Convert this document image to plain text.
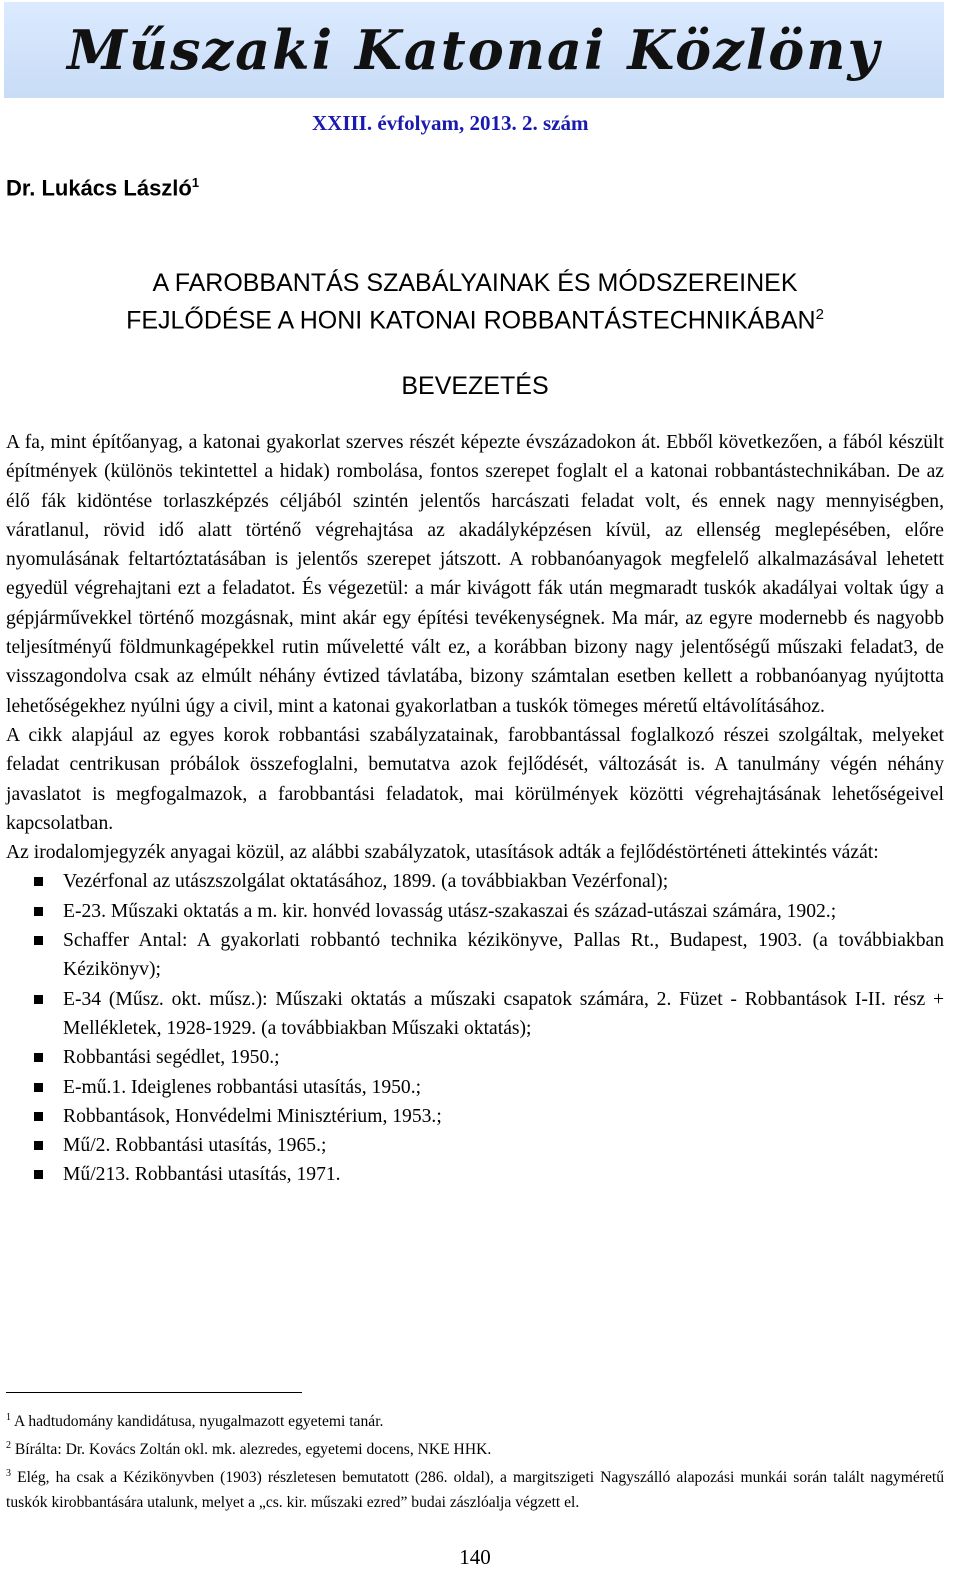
Műszaki Katonai Közlöny
XXIII. évfolyam, 2013. 2. szám
Dr. Lukács László$^1$
A FAROBBANTÁS SZABÁLYAINAK ÉS MÓDSZEREINEK
FEJLŐDÉSE A HONI KATONAI ROBBANTÁSTECHNIKÁBAN$^2$
BEVEZETÉS

A fa, mint építőanyag, a katonai gyakorlat szerves részét képezte évszázadokon át. Ebből következően, a fából készült építmények (különös tekintettel a hidak) rombolása, fontos szerepet foglalt el a katonai robbantástechnikában. De az élő fák kidöntése torlaszképzés céljából szintén jelentős harcászati feladat volt, és ennek nagy mennyiségben, váratlanul, rövid idő alatt történő végrehajtása az akadályképzésen kívül, az ellenség meglepésében, előre nyomulásának feltartóztatásában is jelentős szerepet játszott. A robbanóanyagok megfelelő alkalmazásával lehetett egyedül végrehajtani ezt a feladatot. És végezetül: a már kivágott fák után megmaradt tuskók akadályai voltak úgy a gépjárművekkel történő mozgásnak, mint akár egy építési tevékenységnek. Ma már, az egyre modernebb és nagyobb teljesítményű földmunkagépekkel rutin műveletté vált ez, a korábban bizony nagy jelentőségű műszaki feladat3, de visszagondolva csak az elmúlt néhány évtized távlatába, bizony számtalan esetben kellett a robbanóanyag nyújtotta lehetőségekhez nyúlni úgy a civil, mint a katonai gyakorlatban a tuskók tömeges méretű eltávolításához.

A cikk alapjául az egyes korok robbantási szabályzatainak, farobbantással foglalkozó részei szolgáltak, melyeket feladat centrikusan próbálok összefoglalni, bemutatva azok fejlődését, változását is. A tanulmány végén néhány javaslatot is megfogalmazok, a farobbantási feladatok, mai körülmények közötti végrehajtásának lehetőségeivel kapcsolatban.

Az irodalomjegyzék anyagai közül, az alábbi szabályzatok, utasítások adták a fejlődéstörténeti áttekintés vázát:

Vezérfonal az utászszolgálat oktatásához, 1899. (a továbbiakban Vezérfonal);
E-23. Műszaki oktatás a m. kir. honvéd lovasság utász-szakaszai és század-utászai számára, 1902.;
Schaffer Antal: A gyakorlati robbantó technika kézikönyve, Pallas Rt., Budapest, 1903. (a továbbiakban Kézikönyv);
E-34 (Műsz. okt. műsz.): Műszaki oktatás a műszaki csapatok számára, 2. Füzet - Robbantások I-II. rész + Mellékletek, 1928-1929. (a továbbiakban Műszaki oktatás);
Robbantási segédlet, 1950.;
E-mű.1. Ideiglenes robbantási utasítás, 1950.;
Robbantások, Honvédelmi Minisztérium, 1953.;
Mű/2. Robbantási utasítás, 1965.;
Mű/213. Robbantási utasítás, 1971.

$^1$ A hadtudomány kandidátusa, nyugalmazott egyetemi tanár.

$^2$ Bírálta: Dr. Kovács Zoltán okl. mk. alezredes, egyetemi docens, NKE HHK.

$^3$ Elég, ha csak a Kézikönyvben (1903) részletesen bemutatott (286. oldal), a margitszigeti Nagyszálló alapozási munkái során talált nagyméretű tuskók kirobbantására utalunk, melyet a „cs. kir. műszaki ezred” budai zászlóalja végzett el.

140
